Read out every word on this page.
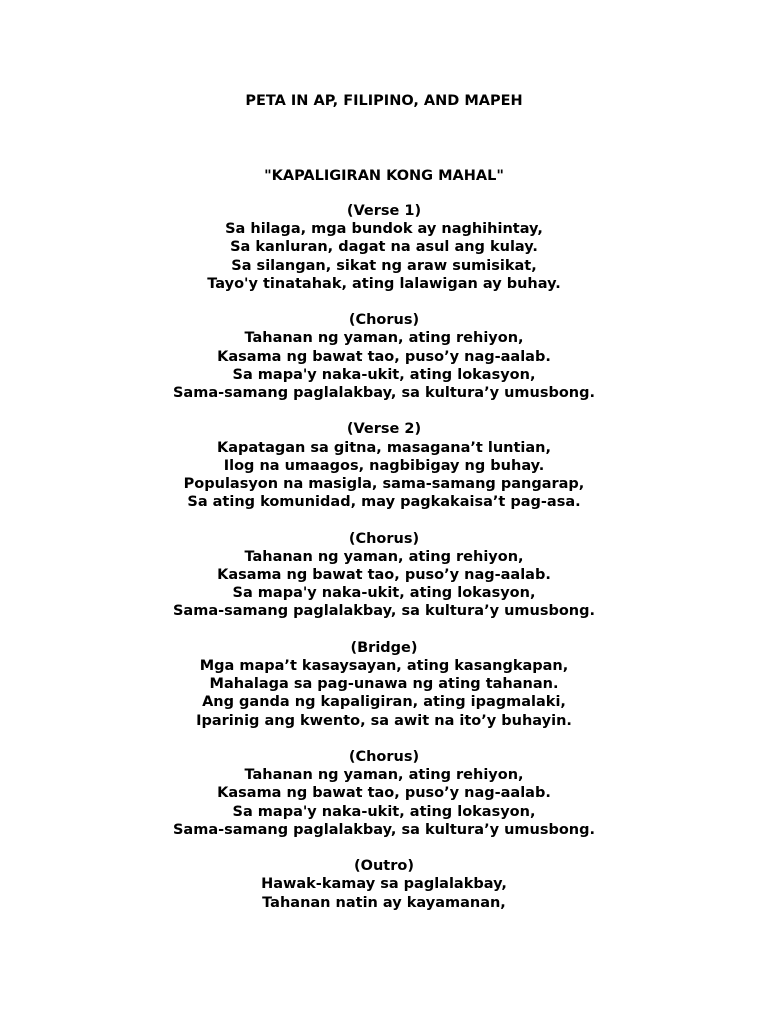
PETA IN AP, FILIPINO, AND MAPEH
"KAPALIGIRAN KONG MAHAL"
(Verse 1)
Sa hilaga, mga bundok ay naghihintay,
Sa kanluran, dagat na asul ang kulay.
Sa silangan, sikat ng araw sumisikat,
Tayo'y tinatahak, ating lalawigan ay buhay.
(Chorus)
Tahanan ng yaman, ating rehiyon,
Kasama ng bawat tao, puso’y nag-aalab.
Sa mapa'y naka-ukit, ating lokasyon,
Sama-samang paglalakbay, sa kultura’y umusbong.
(Verse 2)
Kapatagan sa gitna, masagana’t luntian,
Ilog na umaagos, nagbibigay ng buhay.
Populasyon na masigla, sama-samang pangarap,
Sa ating komunidad, may pagkakaisa’t pag-asa.
(Chorus)
Tahanan ng yaman, ating rehiyon,
Kasama ng bawat tao, puso’y nag-aalab.
Sa mapa'y naka-ukit, ating lokasyon,
Sama-samang paglalakbay, sa kultura’y umusbong.
(Bridge)
Mga mapa’t kasaysayan, ating kasangkapan,
Mahalaga sa pag-unawa ng ating tahanan.
Ang ganda ng kapaligiran, ating ipagmalaki,
Iparinig ang kwento, sa awit na ito’y buhayin.
(Chorus)
Tahanan ng yaman, ating rehiyon,
Kasama ng bawat tao, puso’y nag-aalab.
Sa mapa'y naka-ukit, ating lokasyon,
Sama-samang paglalakbay, sa kultura’y umusbong.
(Outro)
Hawak-kamay sa paglalakbay,
Tahanan natin ay kayamanan,
